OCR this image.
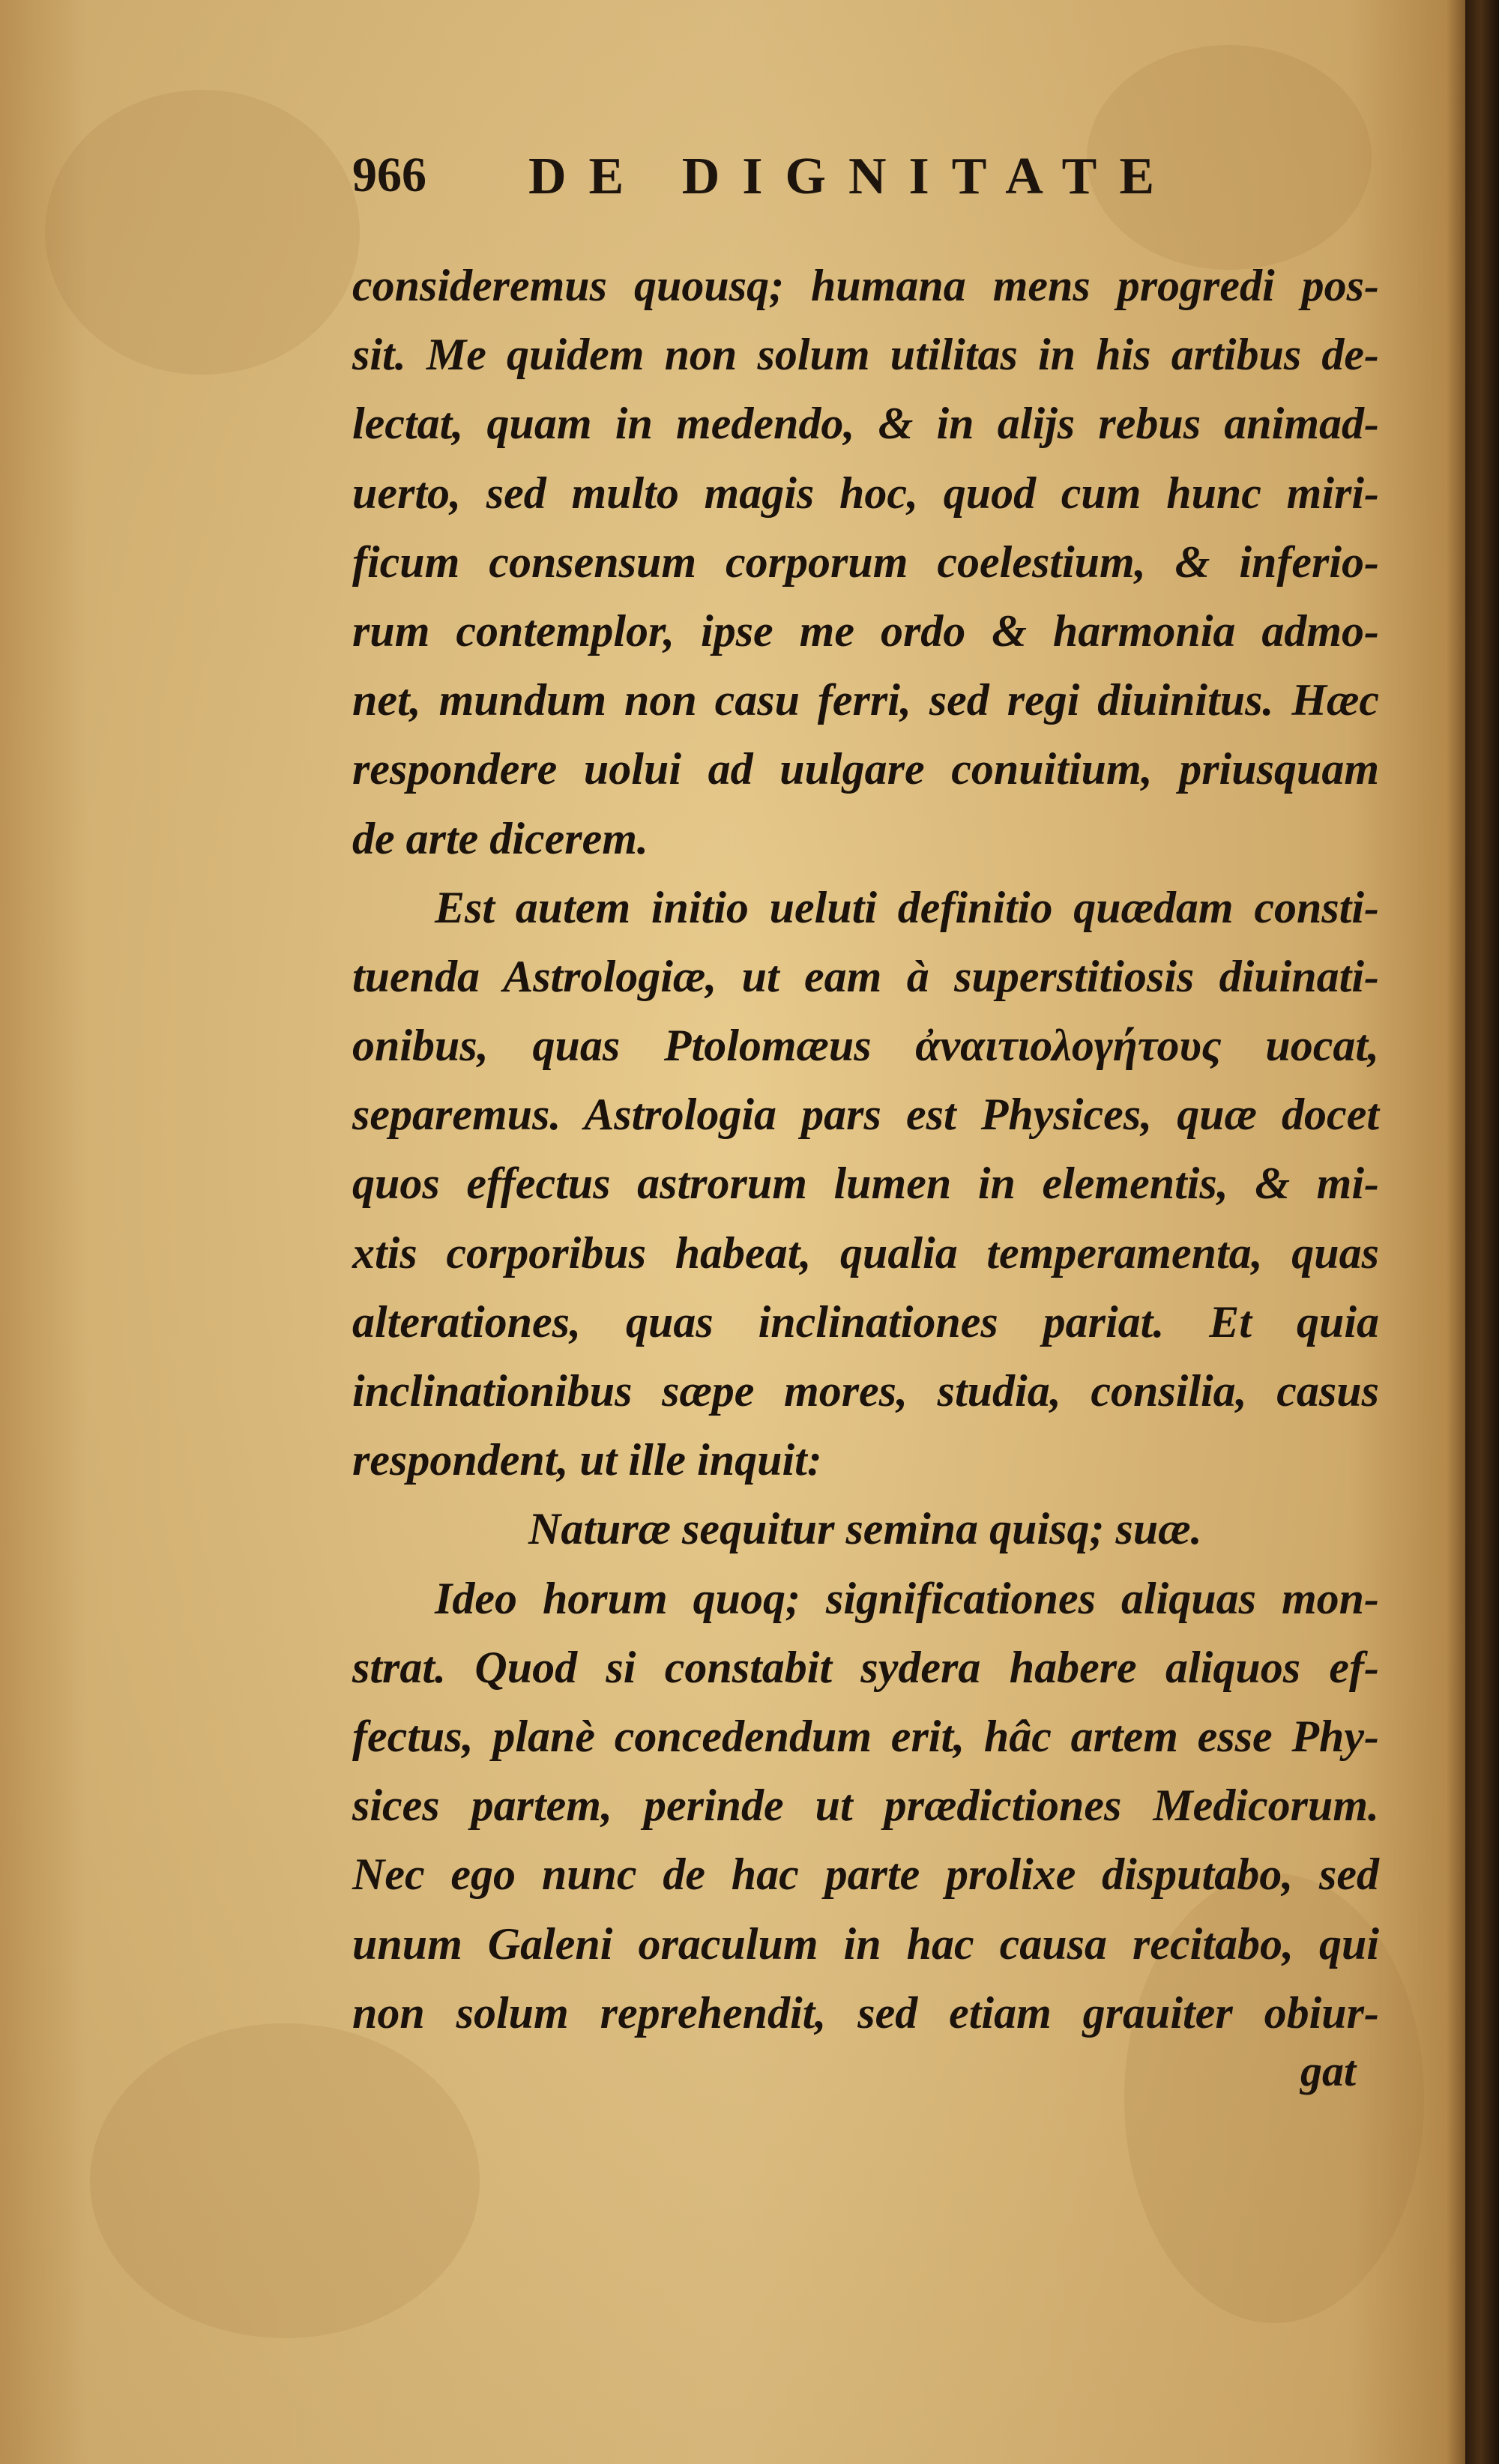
966 DE DIGNITATE
consideremus quousq; humana mens progredi pos-
sit. Me quidem non solum utilitas in his artibus de-
lectat, quam in medendo, & in alijs rebus animad-
uerto, sed multo magis hoc, quod cum hunc miri-
ficum consensum corporum coelestium, & inferio-
rum contemplor, ipse me ordo & harmonia admo-
net, mundum non casu ferri, sed regi diuinitus. Hæc
respondere uolui ad uulgare conuitium, priusquam
de arte dicerem.
Est autem initio ueluti definitio quædam consti-
tuenda Astrologiæ, ut eam à superstitiosis diuinati-
onibus, quas Ptolomæus ἀναιτιολογήτους uocat,
separemus. Astrologia pars est Physices, quæ docet
quos effectus astrorum lumen in elementis, & mi-
xtis corporibus habeat, qualia temperamenta, quas
alterationes, quas inclinationes pariat. Et quia
inclinationibus sæpe mores, studia, consilia, casus
respondent, ut ille inquit:
Naturæ sequitur semina quisq; suæ.
Ideo horum quoq; significationes aliquas mon-
strat. Quod si constabit sydera habere aliquos ef-
fectus, planè concedendum erit, hâc artem esse Phy-
sices partem, perinde ut prædictiones Medicorum.
Nec ego nunc de hac parte prolixe disputabo, sed
unum Galeni oraculum in hac causa recitabo, qui
non solum reprehendit, sed etiam grauiter obiur-
gat
